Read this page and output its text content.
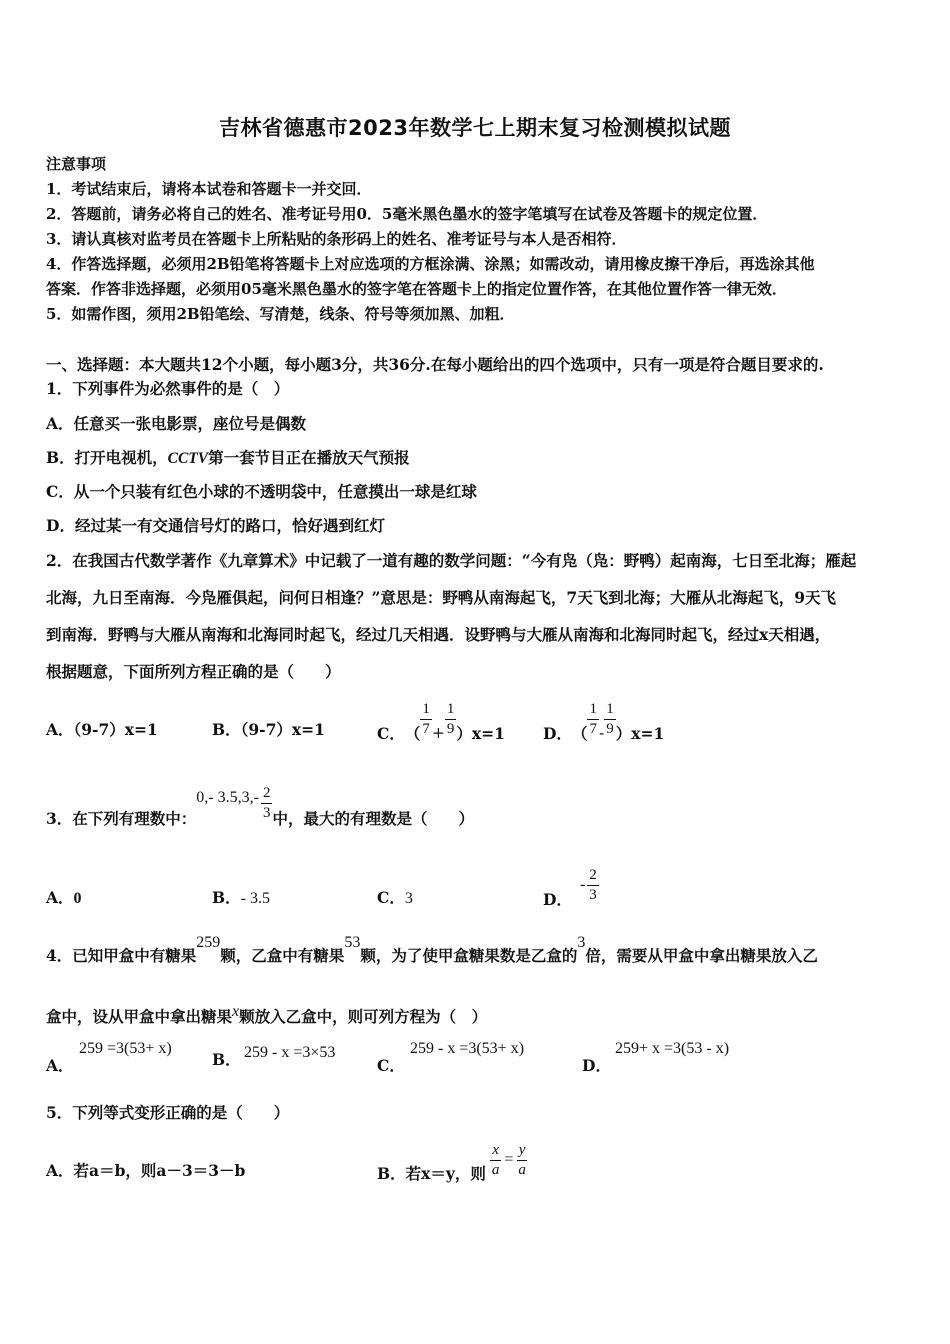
吉林省德惠市2023年数学七上期末复习检测模拟试题
注意事项
1．考试结束后，请将本试卷和答题卡一并交回．
2．答题前，请务必将自己的姓名、准考证号用0．5毫米黑色墨水的签字笔填写在试卷及答题卡的规定位置．
3．请认真核对监考员在答题卡上所粘贴的条形码上的姓名、准考证号与本人是否相符．
4．作答选择题，必须用2B铅笔将答题卡上对应选项的方框涂满、涂黑；如需改动，请用橡皮擦干净后，再选涂其他
答案．作答非选择题，必须用05毫米黑色墨水的签字笔在答题卡上的指定位置作答，在其他位置作答一律无效．
5．如需作图，须用2B铅笔绘、写清楚，线条、符号等须加黑、加粗．
一、选择题：本大题共12个小题，每小题3分，共36分.在每小题给出的四个选项中，只有一项是符合题目要求的.
1．下列事件为必然事件的是（　）
A．任意买一张电影票，座位号是偶数
B．打开电视机，CCTV第一套节目正在播放天气预报
C．从一个只装有红色小球的不透明袋中，任意摸出一球是红球
D．经过某一有交通信号灯的路口，恰好遇到红灯
2．在我国古代数学著作《九章算术》中记载了一道有趣的数学问题：“今有凫（凫：野鸭）起南海，七日至北海；雁起
北海，九日至南海．今凫雁俱起，问何日相逢？”意思是：野鸭从南海起飞，7天飞到北海；大雁从北海起飞，9天飞
到南海．野鸭与大雁从南海和北海同时起飞，经过几天相遇．设野鸭与大雁从南海和北海同时起飞，经过x天相遇，
根据题意，下面所列方程正确的是（　　）
A．（9-7）x=1	B．（9-7）x=1	C． （ $\frac{1}{7} + \frac{1}{9} )x=1$ D． （ $\frac{1}{7} - \frac{1}{9} )x=1$
3．在下列有理数中：
0,- $3.5,3,- \frac{2}{3}$ 中，最大的有理数是（　　）
A．0	B．- 3.5	C．3	D．
- $\frac{2}{3}$
4．已知甲盒中有糖果
259
颗，乙盒中有糖果
53
颗，为了使甲盒糖果数是乙盒的
3
倍，需要从甲盒中拿出糖果放入乙
盒中，设从甲盒中拿出糖果 x 颗放入乙盒中，则可列方程为（　）
A．
259 =3(53+ x)
B． 259 - x =3×53
C．
259 - x =3(53+ x)
D．
259+ x =3(53 - x)
5．下列等式变形正确的是（　　）
A．若a＝b，则a－3＝3－b	B．若x＝y，则 $\frac{x}{a} = \frac{y}{a}$
